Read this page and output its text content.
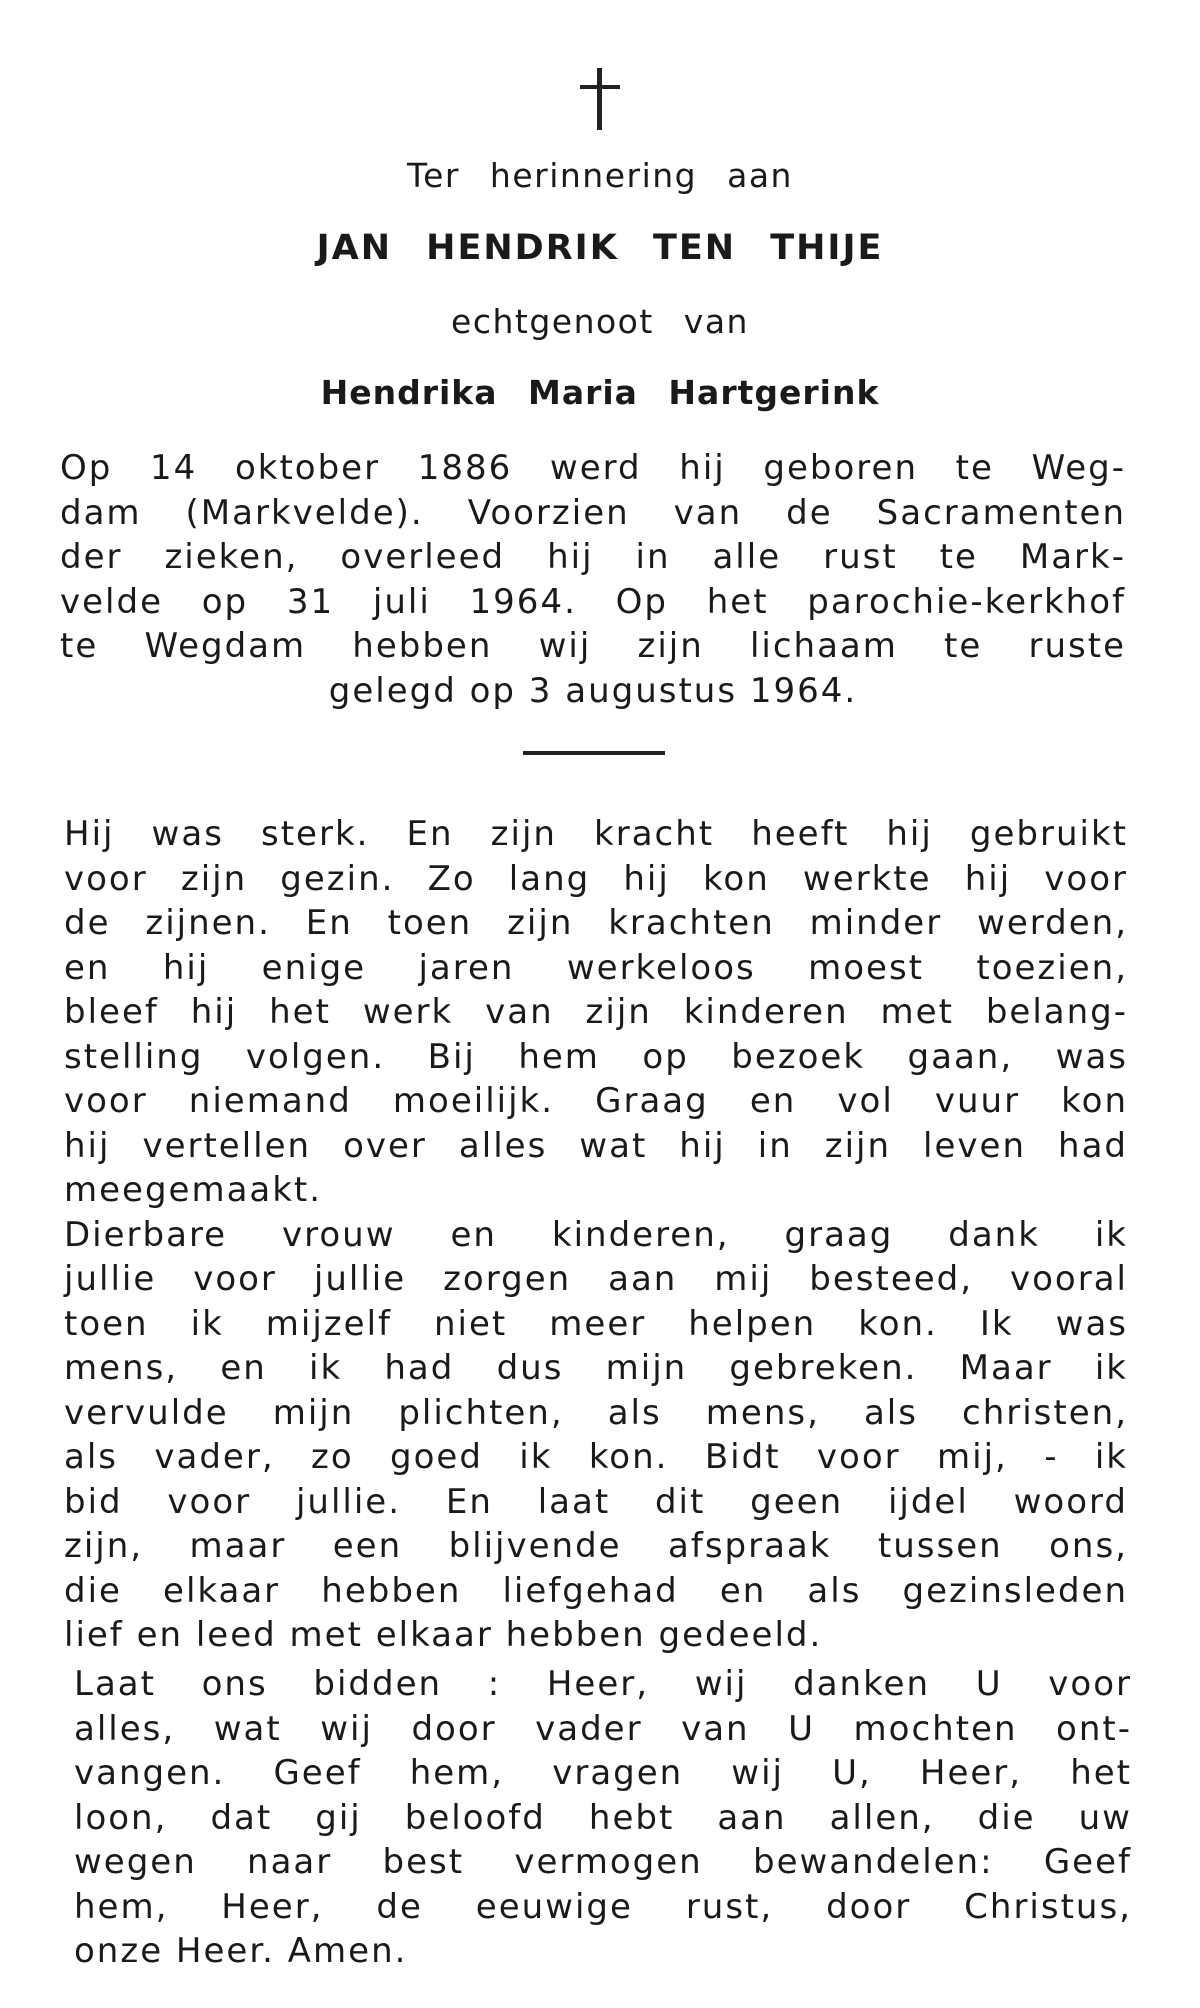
Ter herinnering aan
JAN HENDRIK TEN THIJE
echtgenoot van
Hendrika Maria Hartgerink
Op 14 oktober 1886 werd hij geboren te Weg-
dam (Markvelde). Voorzien van de Sacramenten
der zieken, overleed hij in alle rust te Mark-
velde op 31 juli 1964. Op het parochie-kerkhof
te Wegdam hebben wij zijn lichaam te ruste
gelegd op 3 augustus 1964.
Hij was sterk. En zijn kracht heeft hij gebruikt
voor zijn gezin. Zo lang hij kon werkte hij voor
de zijnen. En toen zijn krachten minder werden,
en hij enige jaren werkeloos moest toezien,
bleef hij het werk van zijn kinderen met belang-
stelling volgen. Bij hem op bezoek gaan, was
voor niemand moeilijk. Graag en vol vuur kon
hij vertellen over alles wat hij in zijn leven had
meegemaakt.
Dierbare vrouw en kinderen, graag dank ik
jullie voor jullie zorgen aan mij besteed, vooral
toen ik mijzelf niet meer helpen kon. Ik was
mens, en ik had dus mijn gebreken. Maar ik
vervulde mijn plichten, als mens, als christen,
als vader, zo goed ik kon. Bidt voor mij, - ik
bid voor jullie. En laat dit geen ijdel woord
zijn, maar een blijvende afspraak tussen ons,
die elkaar hebben liefgehad en als gezinsleden
lief en leed met elkaar hebben gedeeld.
Laat ons bidden : Heer, wij danken U voor
alles, wat wij door vader van U mochten ont-
vangen. Geef hem, vragen wij U, Heer, het
loon, dat gij beloofd hebt aan allen, die uw
wegen naar best vermogen bewandelen: Geef
hem, Heer, de eeuwige rust, door Christus,
onze Heer. Amen.
